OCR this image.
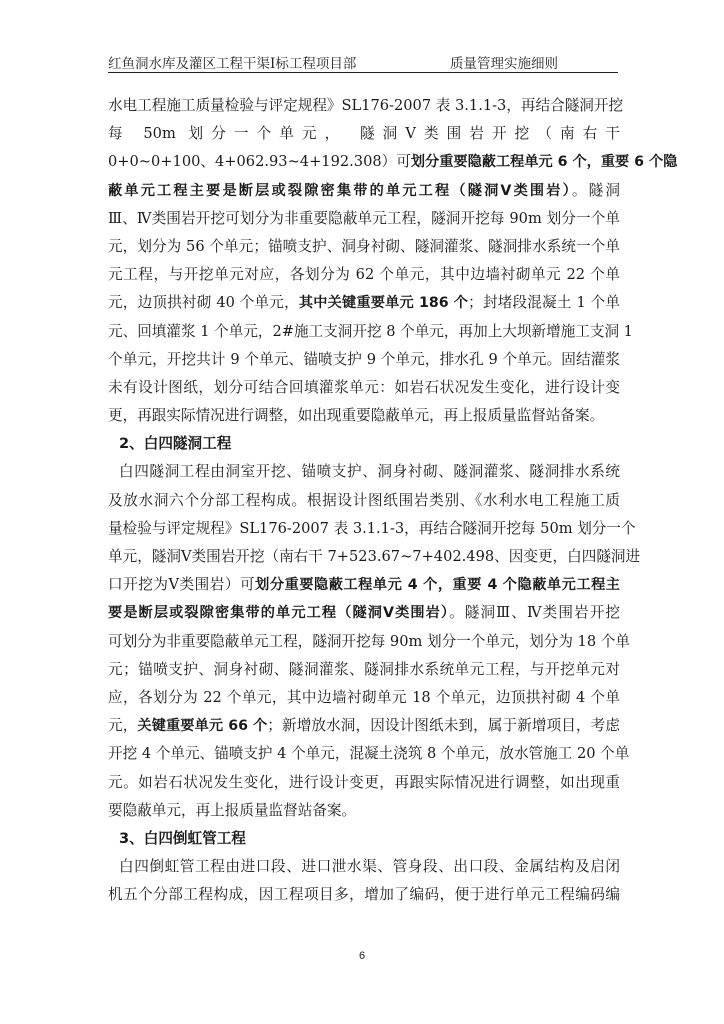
红鱼洞水库及灌区工程干渠Ⅰ标工程项目部	质量管理实施细则
水电工程施工质量检验与评定规程》SL176-2007 表 3.1.1-3，再结合隧洞开挖
每 50m 划分一个单元， 隧洞Ⅴ类围岩开挖（南右干
0+0~0+100、4+062.93~4+192.308）可划分重要隐蔽工程单元 6 个，重要 6 个隐
蔽单元工程主要是断层或裂隙密集带的单元工程（隧洞Ⅴ类围岩）。隧洞
Ⅲ、Ⅳ类围岩开挖可划分为非重要隐蔽单元工程，隧洞开挖每 90m 划分一个单
元，划分为 56 个单元；锚喷支护、洞身衬砌、隧洞灌浆、隧洞排水系统一个单
元工程，与开挖单元对应，各划分为 62 个单元，其中边墙衬砌单元 22 个单
元，边顶拱衬砌 40 个单元，其中关键重要单元 186 个；封堵段混凝土 1 个单
元、回填灌浆 1 个单元，2#施工支洞开挖 8 个单元，再加上大坝新增施工支洞 1
个单元，开挖共计 9 个单元、锚喷支护 9 个单元，排水孔 9 个单元。固结灌浆
未有设计图纸，划分可结合回填灌浆单元：如岩石状况发生变化，进行设计变
更，再跟实际情况进行调整，如出现重要隐蔽单元，再上报质量监督站备案。
2、白四隧洞工程
白四隧洞工程由洞室开挖、锚喷支护、洞身衬砌、隧洞灌浆、隧洞排水系统
及放水洞六个分部工程构成。根据设计图纸围岩类别、《水利水电工程施工质
量检验与评定规程》SL176-2007 表 3.1.1-3，再结合隧洞开挖每 50m 划分一个
单元，隧洞Ⅴ类围岩开挖（南右干 7+523.67~7+402.498、因变更，白四隧洞进
口开挖为Ⅴ类围岩）可划分重要隐蔽工程单元 4 个，重要 4 个隐蔽单元工程主
要是断层或裂隙密集带的单元工程（隧洞Ⅴ类围岩）。隧洞Ⅲ、Ⅳ类围岩开挖
可划分为非重要隐蔽单元工程，隧洞开挖每 90m 划分一个单元，划分为 18 个单
元；锚喷支护、洞身衬砌、隧洞灌浆、隧洞排水系统单元工程，与开挖单元对
应，各划分为 22 个单元，其中边墙衬砌单元 18 个单元，边顶拱衬砌 4 个单
元，关键重要单元 66 个；新增放水洞，因设计图纸未到，属于新增项目，考虑
开挖 4 个单元、锚喷支护 4 个单元，混凝土浇筑 8 个单元，放水管施工 20 个单
元。如岩石状况发生变化，进行设计变更，再跟实际情况进行调整，如出现重
要隐蔽单元，再上报质量监督站备案。
3、白四倒虹管工程
白四倒虹管工程由进口段、进口泄水渠、管身段、出口段、金属结构及启闭
机五个分部工程构成，因工程项目多，增加了编码，便于进行单元工程编码编
6
